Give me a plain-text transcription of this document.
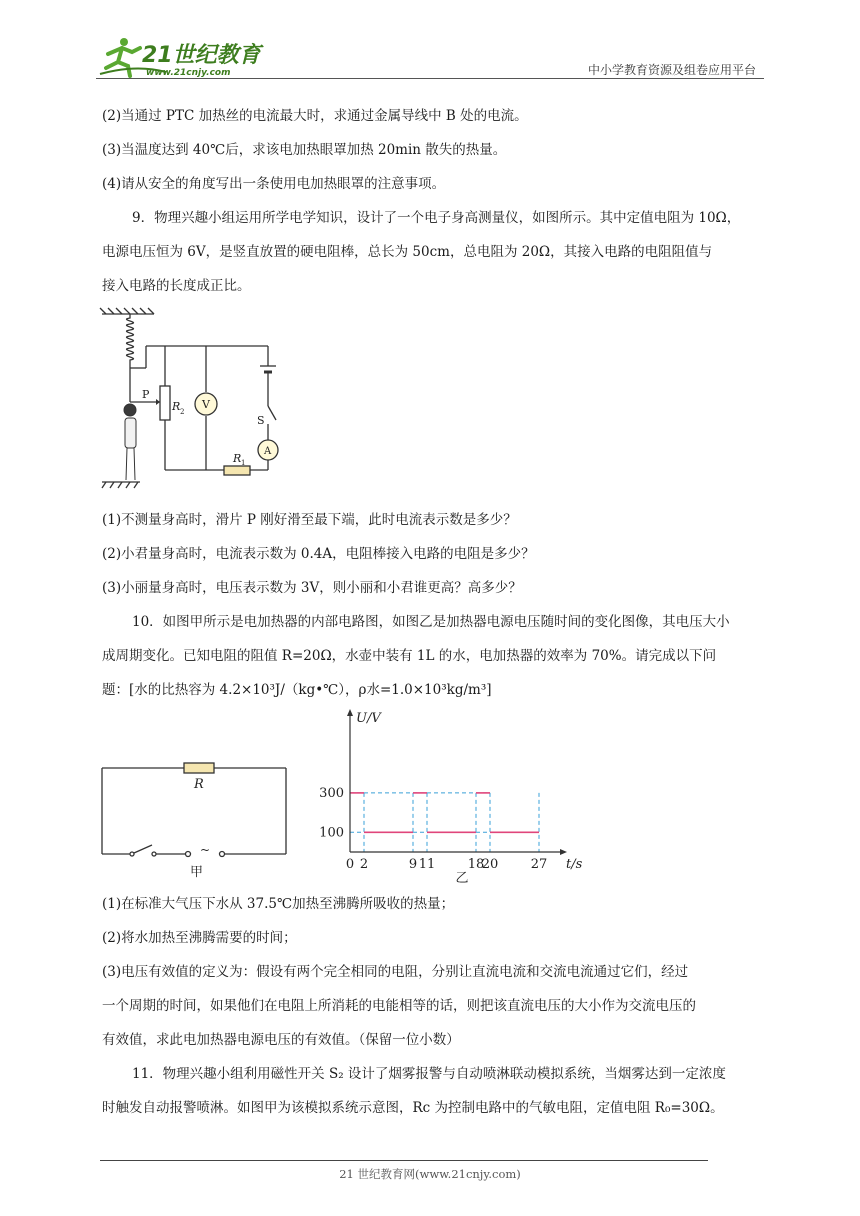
21世纪教育
www.21cnjy.com	中小学教育资源及组卷应用平台
(2)当通过 PTC 加热丝的电流最大时，求通过金属导线中 B 处的电流。
(3)当温度达到 40℃后，求该电加热眼罩加热 20min 散失的热量。
(4)请从安全的角度写出一条使用电加热眼罩的注意事项。
9．物理兴趣小组运用所学电学知识，设计了一个电子身高测量仪，如图所示。其中定值电阻为 10Ω，
电源电压恒为 6V，是竖直放置的硬电阻棒，总长为 50cm，总电阻为 20Ω，其接入电路的电阻阻值与
接入电路的长度成正比。
P
R 2
V
S
A
R 1
(1)不测量身高时，滑片 P 刚好滑至最下端，此时电流表示数是多少？
(2)小君量身高时，电流表示数为 0.4A，电阻棒接入电路的电阻是多少？
(3)小丽量身高时，电压表示数为 3V，则小丽和小君谁更高？高多少？
10．如图甲所示是电加热器的内部电路图，如图乙是加热器电源电压随时间的变化图像，其电压大小
成周期变化。已知电阻的阻值 R=20Ω，水壶中装有 1L 的水，电加热器的效率为 70%。请完成以下问
题：[水的比热容为 4.2×10³J/（kg•℃），ρ水=1.0×10³kg/m³]
R
~
甲
0 2	9 11 18
20 27
100
300
t/s
U/V
乙
(1)在标准大气压下水从 37.5℃加热至沸腾所吸收的热量；
(2)将水加热至沸腾需要的时间；
(3)电压有效值的定义为：假设有两个完全相同的电阻，分别让直流电流和交流电流通过它们，经过
一个周期的时间，如果他们在电阻上所消耗的电能相等的话，则把该直流电压的大小作为交流电压的
有效值，求此电加热器电源电压的有效值。（保留一位小数）
11．物理兴趣小组利用磁性开关 S₂ 设计了烟雾报警与自动喷淋联动模拟系统，当烟雾达到一定浓度
时触发自动报警喷淋。如图甲为该模拟系统示意图，Rc 为控制电路中的气敏电阻，定值电阻 R₀=30Ω。
21 世纪教育网(www.21cnjy.com)
